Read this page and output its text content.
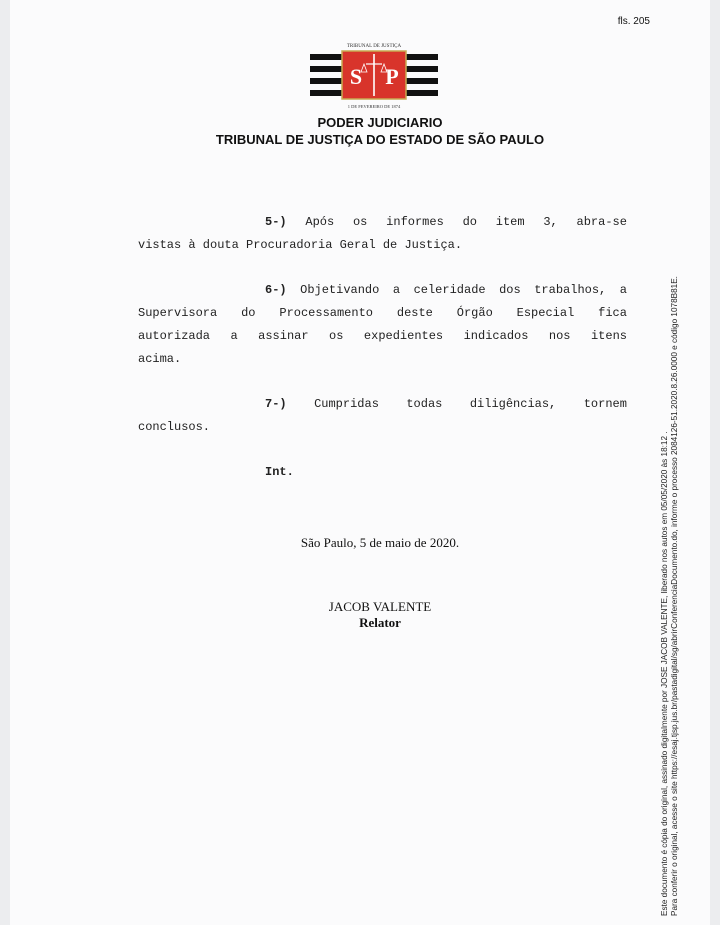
fls. 205
TRIBUNAL DE JUSTIÇA
S P
1 DE FEVEREIRO DE 1874
PODER JUDICIARIO
TRIBUNAL DE JUSTIÇA DO ESTADO DE SÃO PAULO
5-) Após os informes do item 3, abra-se
vistas à douta Procuradoria Geral de Justiça.
6-) Objetivando a celeridade dos trabalhos, a
Supervisora do Processamento deste Órgão Especial fica
autorizada a assinar os expedientes indicados nos itens
acima.
7-) Cumpridas todas diligências, tornem
conclusos.
Int.
São Paulo, 5 de maio de 2020.
JACOB VALENTE
Relator	Este documento é cópia do original, assinado digitalmente por JOSE JACOB VALENTE, liberado nos autos em 05/05/2020 às 18:12 . Para conferir o original, acesse o site https://esaj.tjsp.jus.br/pastadigital/sg/abrirConferenciaDocumento.do, informe o processo 2084126-51.2020.8.26.0000 e código 1078B81E.
